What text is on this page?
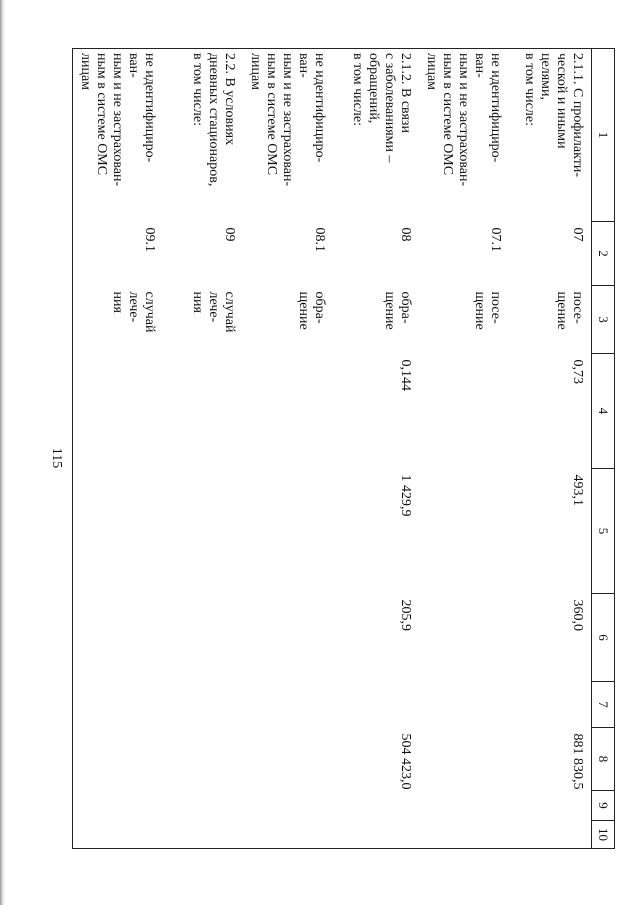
115
1	2	3	4	5	6	7	8	9	10

2.1.1. С профилакти-
ческой и иными
целями,
в том числе:	07	посе-
щение	0,73	493,1	360,0		881 830,5		

не идентифициро-
ван-
ным и не застрахован-
ным в системе ОМС
лицам	07.1	посе-
щение							

2.1.2. В связи
с заболеваниями –
обращений,
в том числе:	08	обра-
щение	0,144	1 429,9	205,9		504 423,0		

не идентифициро-
ван-
ным и не застрахован-
ным в системе ОМС
лицам	08.1	обра-
щение							

2.2. В условиях
дневных стационаров,
в том числе:	09	случай
лече-
ния							

не идентифициро-
ван-
ным и не застрахован-
ным в системе ОМС
лицам	09.1	случай
лече-
ния							
